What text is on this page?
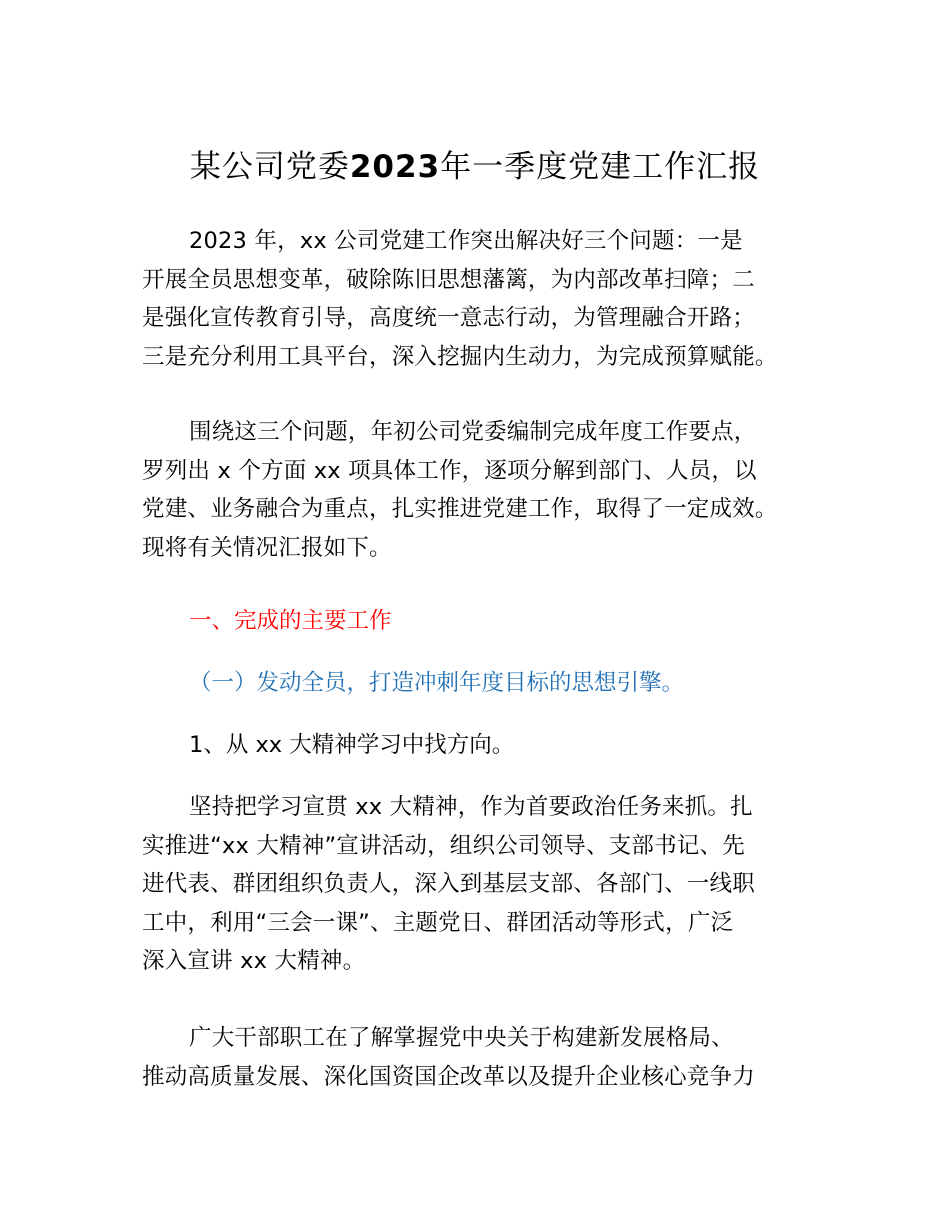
某公司党委2023年一季度党建工作汇报
2023 年，xx 公司党建工作突出解决好三个问题：一是
开展全员思想变革，破除陈旧思想藩篱，为内部改革扫障；二
是强化宣传教育引导，高度统一意志行动，为管理融合开路；
三是充分利用工具平台，深入挖掘内生动力，为完成预算赋能。
围绕这三个问题，年初公司党委编制完成年度工作要点，
罗列出 x 个方面 xx 项具体工作，逐项分解到部门、人员，以
党建、业务融合为重点，扎实推进党建工作，取得了一定成效。
现将有关情况汇报如下。
一、完成的主要工作
（一）发动全员，打造冲刺年度目标的思想引擎。
1、从 xx 大精神学习中找方向。
坚持把学习宣贯 xx 大精神，作为首要政治任务来抓。扎
实推进“xx 大精神”宣讲活动，组织公司领导、支部书记、先
进代表、群团组织负责人，深入到基层支部、各部门、一线职
工中，利用“三会一课”、主题党日、群团活动等形式，广泛
深入宣讲 xx 大精神。
广大干部职工在了解掌握党中央关于构建新发展格局、
推动高质量发展、深化国资国企改革以及提升企业核心竞争力
